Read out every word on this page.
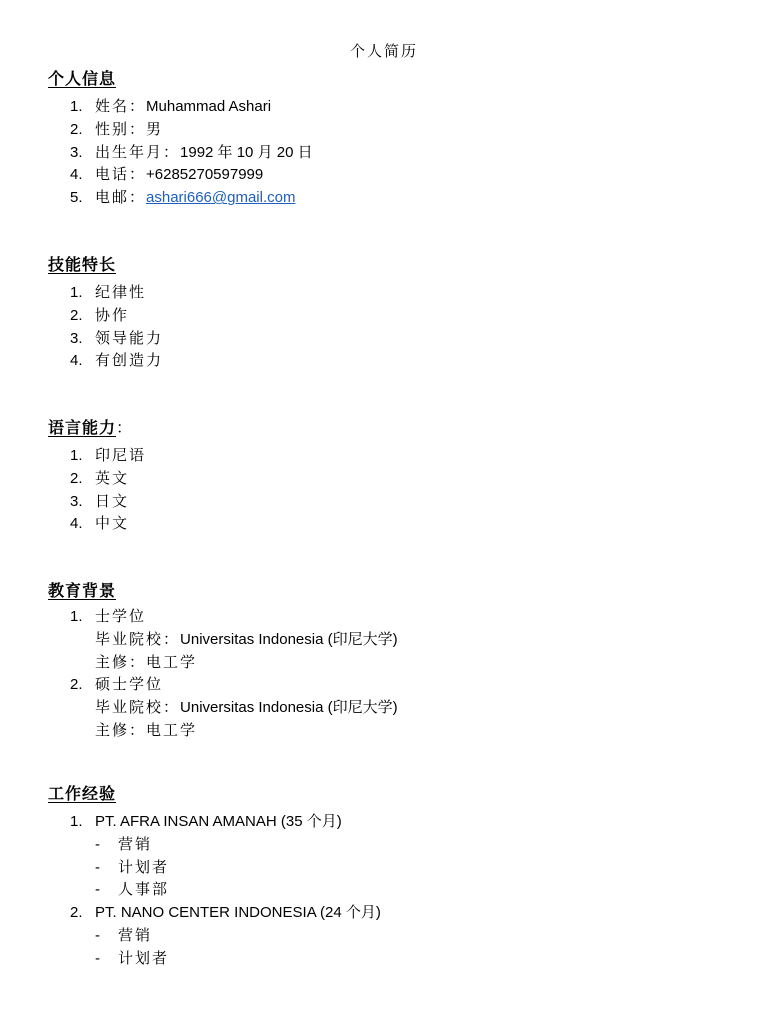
个人简历
个人信息
1. 姓名：Muhammad Ashari
2. 性别：男
3. 出生年月：1992 年 10 月 20 日
4. 电话：+6285270597999
5. 电邮：ashari666@gmail.com
技能特长
1. 纪律性
2. 协作
3. 领导能力
4. 有创造力
语言能力：
1. 印尼语
2. 英文
3. 日文
4. 中文
教育背景
1. 士学位
毕业院校：Universitas Indonesia (印尼大学)
主修：电工学
2. 硕士学位
毕业院校：Universitas Indonesia (印尼大学)
主修：电工学
工作经验
1. PT. AFRA INSAN AMANAH (35 个月)
- 营销
- 计划者
- 人事部
2. PT. NANO CENTER INDONESIA (24 个月)
- 营销
- 计划者
